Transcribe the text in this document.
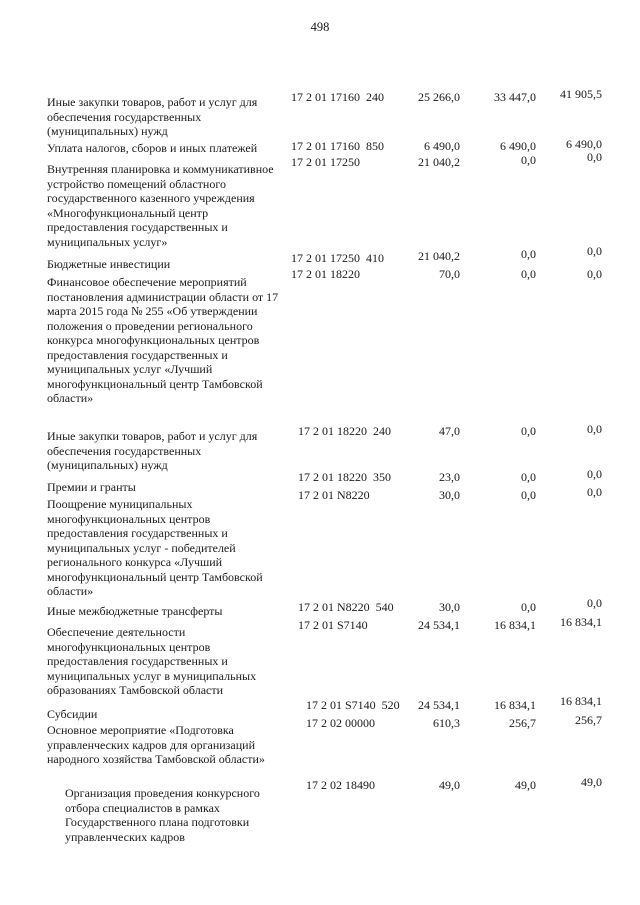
498
Иные закупки товаров, работ и услуг для обеспечения государственных (муниципальных) нужд
17 2 01 17160  240	25 266,0	33 447,0	41 905,5
Уплата налогов, сборов и иных платежей	17 2 01 17160  850	6 490,0	6 490,0	6 490,0
Внутренняя планировка и коммуникативное устройство помещений областного государственного казенного учреждения «Многофункциональный центр предоставления государственных и муниципальных услуг»
17 2 01 17250	21 040,2	0,0	0,0
Бюджетные инвестиции	17 2 01 17250  410	21 040,2	0,0	0,0
Финансовое обеспечение мероприятий постановления администрации области от 17 марта 2015 года № 255 «Об утверждении положения о проведении регионального конкурса многофункциональных центров предоставления государственных и муниципальных услуг «Лучший многофункциональный центр Тамбовской области»
17 2 01 18220	70,0	0,0	0,0
Иные закупки товаров, работ и услуг для обеспечения государственных (муниципальных) нужд
17 2 01 18220  240	47,0	0,0	0,0
Премии и гранты
17 2 01 18220  350	23,0	0,0	0,0
Поощрение муниципальных многофункциональных центров предоставления государственных и муниципальных услуг - победителей регионального конкурса «Лучший многофункциональный центр Тамбовской области»
17 2 01 N8220	30,0	0,0	0,0
Иные межбюджетные трансферты	17 2 01 N8220  540	30,0	0,0	0,0
Обеспечение деятельности многофункциональных центров предоставления государственных и муниципальных услуг в муниципальных образованиях Тамбовской области
17 2 01 S7140	24 534,1	16 834,1	16 834,1
Субсидии
17 2 01 S7140  520	24 534,1	16 834,1	16 834,1
Основное мероприятие «Подготовка управленческих кадров для организаций народного хозяйства Тамбовской области»
17 2 02 00000	610,3	256,7	256,7
Организация проведения конкурсного отбора специалистов в рамках Государственного плана подготовки управленческих кадров
17 2 02 18490	49,0	49,0	49,0
